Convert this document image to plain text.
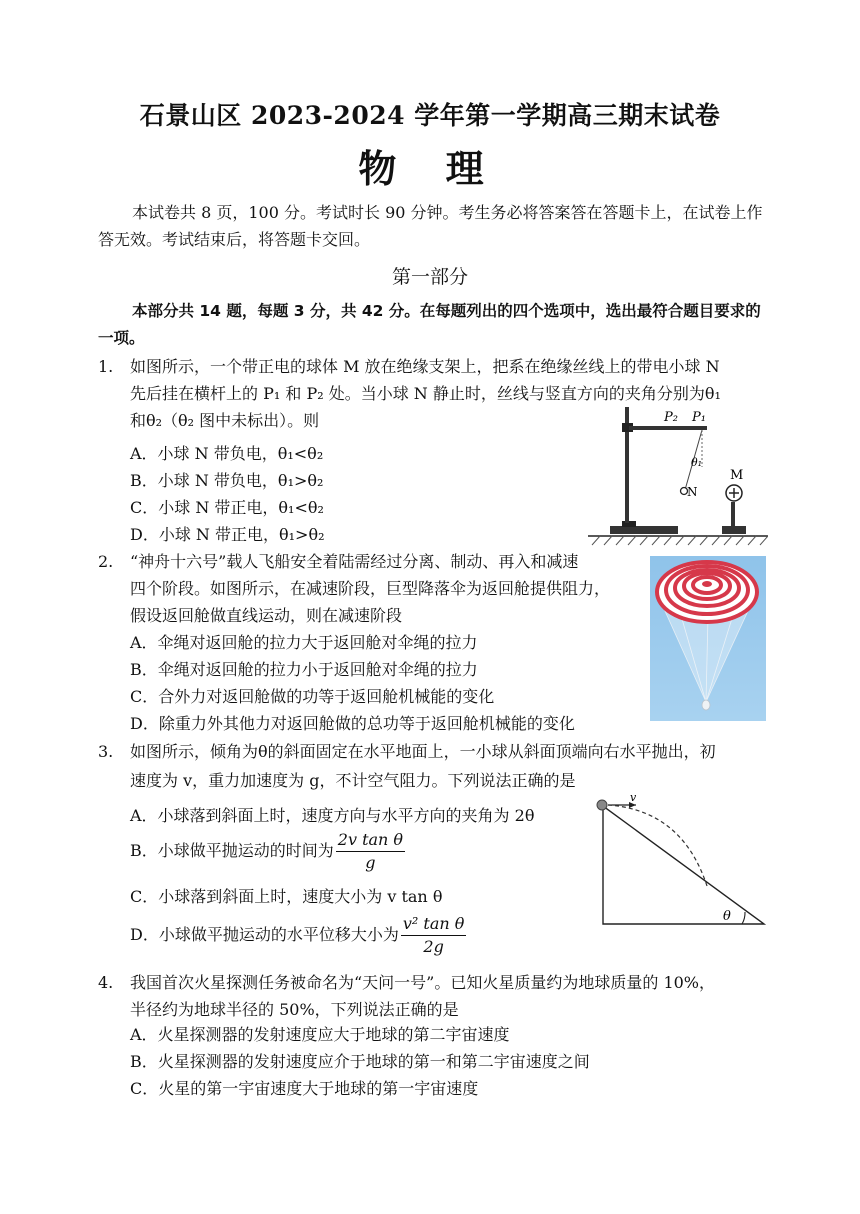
石景山区 2023-2024 学年第一学期高三期末试卷
物 理
本试卷共 8 页，100 分。考试时长 90 分钟。考生务必将答案答在答题卡上，在试卷上作答无效。考试结束后，将答题卡交回。
第一部分
本部分共 14 题，每题 3 分，共 42 分。在每题列出的四个选项中，选出最符合题目要求的一项。
1. 如图所示，一个带正电的球体 M 放在绝缘支架上，把系在绝缘丝线上的带电小球 N
先后挂在横杆上的 P₁ 和 P₂ 处。当小球 N 静止时，丝线与竖直方向的夹角分别为θ₁
和θ₂（θ₂ 图中未标出）。则
A．小球 N 带负电，θ₁<θ₂
B．小球 N 带负电，θ₁>θ₂
C．小球 N 带正电，θ₁<θ₂
D．小球 N 带正电，θ₁>θ₂
P₂ P₁
θ₁
N
M
2. “神舟十六号”载人飞船安全着陆需经过分离、制动、再入和减速
四个阶段。如图所示，在减速阶段，巨型降落伞为返回舱提供阻力，
假设返回舱做直线运动，则在减速阶段
A．伞绳对返回舱的拉力大于返回舱对伞绳的拉力
B．伞绳对返回舱的拉力小于返回舱对伞绳的拉力
C．合外力对返回舱做的功等于返回舱机械能的变化
D．除重力外其他力对返回舱做的总功等于返回舱机械能的变化
3. 如图所示，倾角为θ的斜面固定在水平地面上，一小球从斜面顶端向右水平抛出，初
速度为 v，重力加速度为 g，不计空气阻力。下列说法正确的是
A．小球落到斜面上时，速度方向与水平方向的夹角为 2θ
B．小球做平抛运动的时间为 $\frac{\text{2v tan θ}}{g}$
C．小球落到斜面上时，速度大小为 v tan θ
D．小球做平抛运动的水平位移大小为 $\frac{\text{v² tan θ}}{2g}$
v
θ
4. 我国首次火星探测任务被命名为“天问一号”。已知火星质量约为地球质量的 10%，
半径约为地球半径的 50%，下列说法正确的是
A．火星探测器的发射速度应大于地球的第二宇宙速度
B．火星探测器的发射速度应介于地球的第一和第二宇宙速度之间
C．火星的第一宇宙速度大于地球的第一宇宙速度
